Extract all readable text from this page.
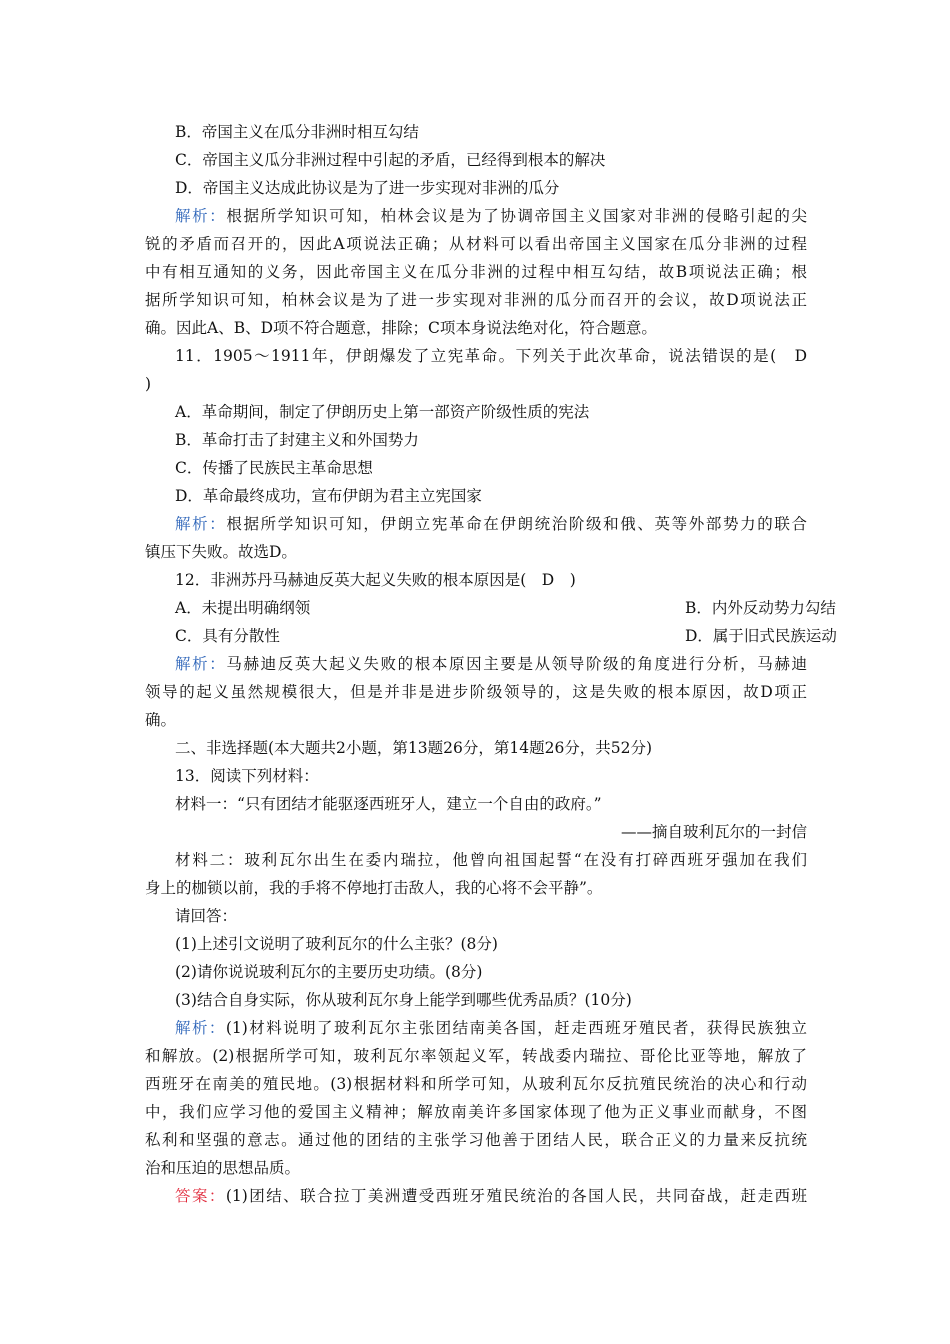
B．帝国主义在瓜分非洲时相互勾结
C．帝国主义瓜分非洲过程中引起的矛盾，已经得到根本的解决
D．帝国主义达成此协议是为了进一步实现对非洲的瓜分
解析：根据所学知识可知，柏林会议是为了协调帝国主义国家对非洲的侵略引起的尖
锐的矛盾而召开的，因此A项说法正确；从材料可以看出帝国主义国家在瓜分非洲的过程
中有相互通知的义务，因此帝国主义在瓜分非洲的过程中相互勾结，故B项说法正确；根
据所学知识可知，柏林会议是为了进一步实现对非洲的瓜分而召开的会议，故D项说法正
确。因此A、B、D项不符合题意，排除；C项本身说法绝对化，符合题意。
11．1905～1911年，伊朗爆发了立宪革命。下列关于此次革命，说法错误的是(　D
)
A．革命期间，制定了伊朗历史上第一部资产阶级性质的宪法
B．革命打击了封建主义和外国势力
C．传播了民族民主革命思想
D．革命最终成功，宣布伊朗为君主立宪国家
解析：根据所学知识可知，伊朗立宪革命在伊朗统治阶级和俄、英等外部势力的联合
镇压下失败。故选D。
12．非洲苏丹马赫迪反英大起义失败的根本原因是(　D　)
A．未提出明确纲领	B．内外反动势力勾结
C．具有分散性	D．属于旧式民族运动
解析：马赫迪反英大起义失败的根本原因主要是从领导阶级的角度进行分析，马赫迪
领导的起义虽然规模很大，但是并非是进步阶级领导的，这是失败的根本原因，故D项正
确。
二、非选择题(本大题共2小题，第13题26分，第14题26分，共52分)
13．阅读下列材料：
材料一：“只有团结才能驱逐西班牙人，建立一个自由的政府。”
——摘自玻利瓦尔的一封信
材料二：玻利瓦尔出生在委内瑞拉，他曾向祖国起誓“在没有打碎西班牙强加在我们
身上的枷锁以前，我的手将不停地打击敌人，我的心将不会平静”。
请回答：
(1)上述引文说明了玻利瓦尔的什么主张？(8分)
(2)请你说说玻利瓦尔的主要历史功绩。(8分)
(3)结合自身实际，你从玻利瓦尔身上能学到哪些优秀品质？(10分)
解析：(1)材料说明了玻利瓦尔主张团结南美各国，赶走西班牙殖民者，获得民族独立
和解放。(2)根据所学可知，玻利瓦尔率领起义军，转战委内瑞拉、哥伦比亚等地，解放了
西班牙在南美的殖民地。(3)根据材料和所学可知，从玻利瓦尔反抗殖民统治的决心和行动
中，我们应学习他的爱国主义精神；解放南美许多国家体现了他为正义事业而献身，不图
私利和坚强的意志。通过他的团结的主张学习他善于团结人民，联合正义的力量来反抗统
治和压迫的思想品质。
答案：(1)团结、联合拉丁美洲遭受西班牙殖民统治的各国人民，共同奋战，赶走西班
